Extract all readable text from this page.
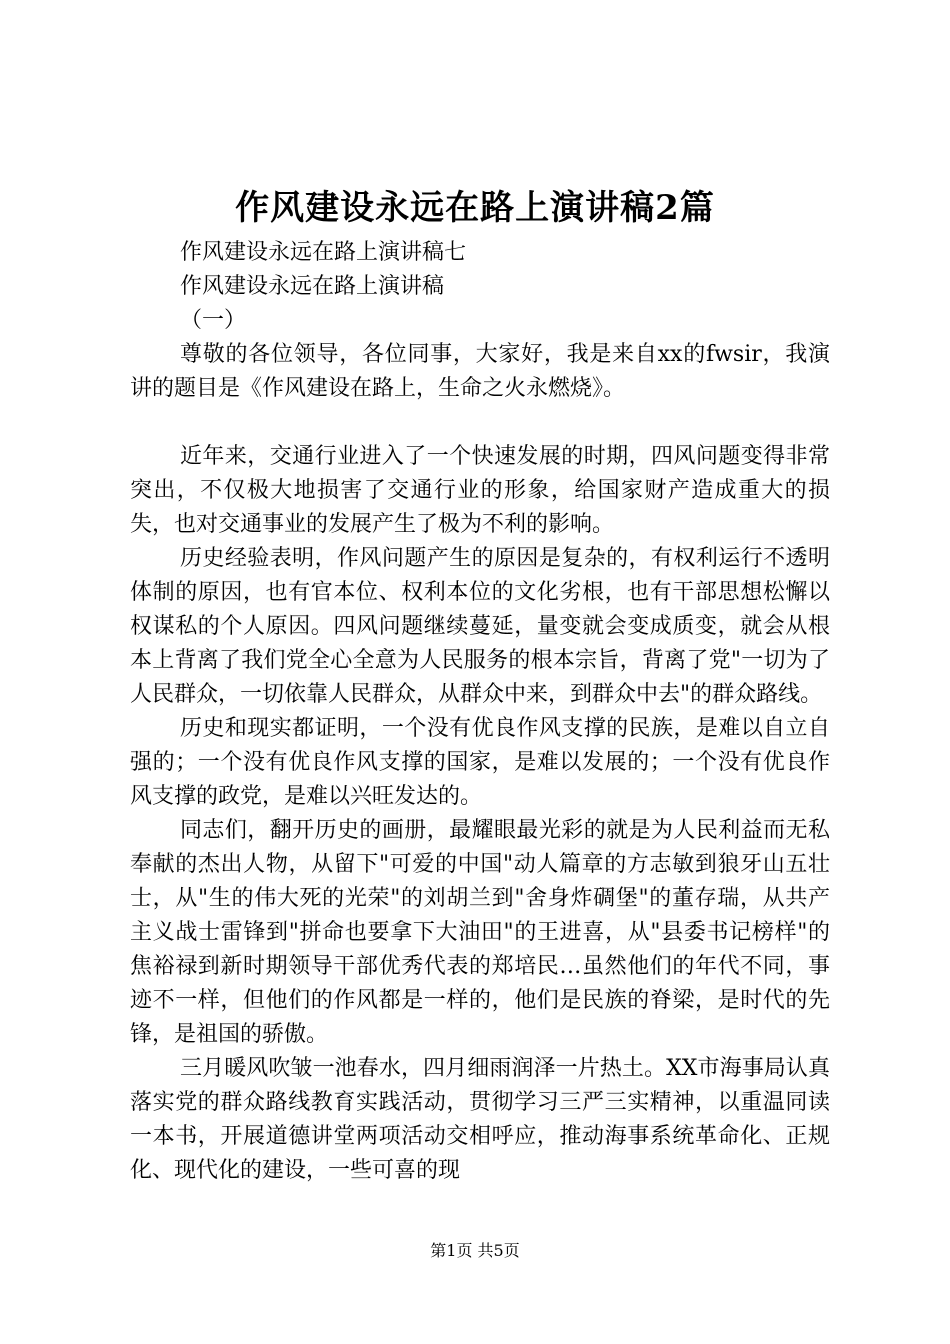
作风建设永远在路上演讲稿2篇

作风建设永远在路上演讲稿七

作风建设永远在路上演讲稿

（一）

尊敬的各位领导，各位同事，大家好，我是来自xx的fwsir，我演讲的题目是《作风建设在路上，生命之火永燃烧》。

近年来，交通行业进入了一个快速发展的时期，四风问题变得非常突出，不仅极大地损害了交通行业的形象，给国家财产造成重大的损失，也对交通事业的发展产生了极为不利的影响。

历史经验表明，作风问题产生的原因是复杂的，有权利运行不透明体制的原因，也有官本位、权利本位的文化劣根，也有干部思想松懈以权谋私的个人原因。四风问题继续蔓延，量变就会变成质变，就会从根本上背离了我们党全心全意为人民服务的根本宗旨，背离了党"一切为了人民群众，一切依靠人民群众，从群众中来，到群众中去"的群众路线。

历史和现实都证明，一个没有优良作风支撑的民族，是难以自立自强的；一个没有优良作风支撑的国家，是难以发展的；一个没有优良作风支撑的政党，是难以兴旺发达的。

同志们，翻开历史的画册，最耀眼最光彩的就是为人民利益而无私奉献的杰出人物，从留下"可爱的中国"动人篇章的方志敏到狼牙山五壮士，从"生的伟大死的光荣"的刘胡兰到"舍身炸碉堡"的董存瑞，从共产主义战士雷锋到"拼命也要拿下大油田"的王进喜，从"县委书记榜样"的焦裕禄到新时期领导干部优秀代表的郑培民…虽然他们的年代不同，事迹不一样，但他们的作风都是一样的，他们是民族的脊梁，是时代的先锋，是祖国的骄傲。

三月暖风吹皱一池春水，四月细雨润泽一片热土。XX市海事局认真落实党的群众路线教育实践活动，贯彻学习三严三实精神，以重温同读一本书，开展道德讲堂两项活动交相呼应，推动海事系统革命化、正规化、现代化的建设，一些可喜的现

第1页 共5页
